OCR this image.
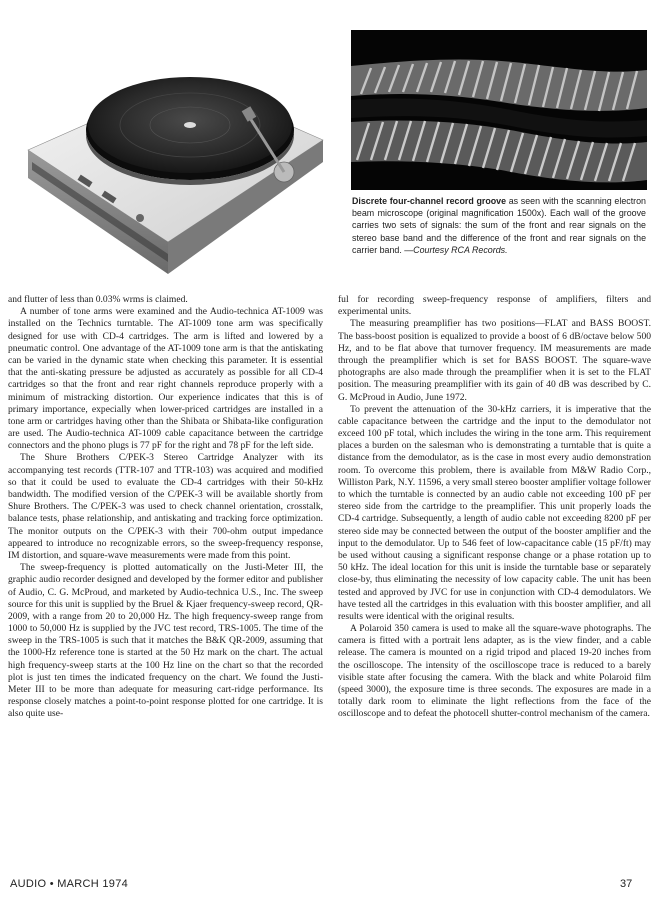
Discrete four-channel record groove as seen with the scanning electron beam microscope (original magnification 1500x). Each wall of the groove carries two sets of signals: the sum of the front and rear signals on the stereo base band and the difference of the front and rear signals on the carrier band. —Courtesy RCA Records.

and flutter of less than 0.03% wrms is claimed.

A number of tone arms were examined and the Audio-technica AT-1009 was installed on the Technics turntable. The AT-1009 tone arm was specifically designed for use with CD-4 cartridges. The arm is lifted and lowered by a pneumatic control. One advantage of the AT-1009 tone arm is that the antiskating can be varied in the dynamic state when checking this parameter. It is essential that the anti-skating pressure be adjusted as accurately as possible for all CD-4 cartridges so that the front and rear right channels reproduce properly with a minimum of mistracking distortion. Our experience indicates that this is of primary importance, expecially when lower-priced cartridges are installed in a tone arm or cartridges having other than the Shibata or Shibata-like configuration are used. The Audio-technica AT-1009 cable capacitance between the cartridge connectors and the phono plugs is 77 pF for the right and 78 pF for the left side.

The Shure Brothers C/PEK-3 Stereo Cartridge Analyzer with its accompanying test records (TTR-107 and TTR-103) was acquired and modified so that it could be used to evaluate the CD-4 cartridges with their 50-kHz bandwidth. The modified version of the C/PEK-3 will be available shortly from Shure Brothers. The C/PEK-3 was used to check channel orientation, crosstalk, balance tests, phase relationship, and antiskating and tracking force optimization. The monitor outputs on the C/PEK-3 with their 700-ohm output impedance appeared to introduce no recognizable errors, so the sweep-frequency response, IM distortion, and square-wave measurements were made from this point.

The sweep-frequency is plotted automatically on the Justi-Meter III, the graphic audio recorder designed and developed by the former editor and publisher of Audio, C. G. McProud, and marketed by Audio-technica U.S., Inc. The sweep source for this unit is supplied by the Bruel & Kjaer frequency-sweep record, QR-2009, with a range from 20 to 20,000 Hz. The high frequency-sweep range from 1000 to 50,000 Hz is supplied by the JVC test record, TRS-1005. The time of the sweep in the TRS-1005 is such that it matches the B&K QR-2009, assuming that the 1000-Hz reference tone is started at the 50 Hz mark on the chart. The actual high frequency-sweep starts at the 100 Hz line on the chart so that the recorded plot is just ten times the indicated frequency on the chart. We found the Justi-Meter III to be more than adequate for measuring cart-ridge performance. Its response closely matches a point-to-point response plotted for one cartridge. It is also quite use-

ful for recording sweep-frequency response of amplifiers, filters and experimental units.

The measuring preamplifier has two positions—FLAT and BASS BOOST. The bass-boost position is equalized to provide a boost of 6 dB/octave below 500 Hz, and to be flat above that turnover frequency. IM measurements are made through the preamplifier which is set for BASS BOOST. The square-wave photographs are also made through the preamplifier when it is set to the FLAT position. The measuring preamplifier with its gain of 40 dB was described by C. G. McProud in Audio, June 1972.

To prevent the attenuation of the 30-kHz carriers, it is imperative that the cable capacitance between the cartridge and the input to the demodulator not exceed 100 pF total, which includes the wiring in the tone arm. This requirement places a burden on the salesman who is demonstrating a turntable that is quite a distance from the demodulator, as is the case in most every audio demonstration room. To overcome this problem, there is available from M&W Radio Corp., Williston Park, N.Y. 11596, a very small stereo booster amplifier voltage follower to which the turntable is connected by an audio cable not exceeding 100 pF per stereo side from the cartridge to the preamplifier. This unit properly loads the CD-4 cartridge. Subsequently, a length of audio cable not exceeding 8200 pF per stereo side may be connected between the output of the booster amplifier and the input to the demodulator. Up to 546 feet of low-capacitance cable (15 pF/ft) may be used without causing a significant response change or a phase rotation up to 50 kHz. The ideal location for this unit is inside the turntable base or separately close-by, thus eliminating the necessity of low capacity cable. The unit has been tested and approved by JVC for use in conjunction with CD-4 demodulators. We have tested all the cartridges in this evaluation with this booster amplifier, and all results were identical with the original results.

A Polaroid 350 camera is used to make all the square-wave photographs. The camera is fitted with a portrait lens adapter, as is the view finder, and a cable release. The camera is mounted on a rigid tripod and placed 19-20 inches from the oscilloscope. The intensity of the oscilloscope trace is reduced to a barely visible state after focusing the camera. With the black and white Polaroid film (speed 3000), the exposure time is three seconds. The exposures are made in a totally dark room to eliminate the light reflections from the face of the oscilloscope and to defeat the photocell shutter-control mechanism of the camera.

AUDIO • MARCH 1974	37
